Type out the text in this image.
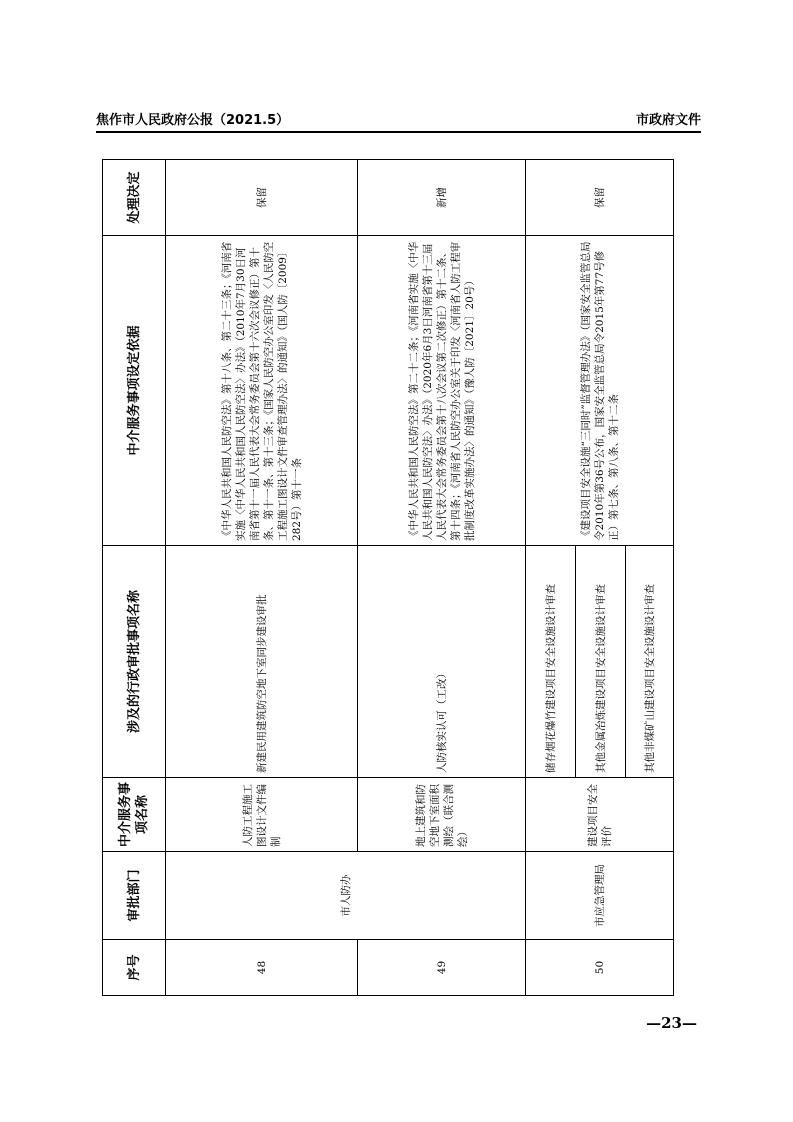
焦作市人民政府公报（2021.5）	市政府文件
序号	审批部门	中介服务事项名称	涉及的行政审批事项名称	中介服务事项设定依据	处理决定
48	市人防办	人防工程施工图设计文件编制	新建民用建筑防空地下室同步建设审批	《中华人民共和国人民防空法》第十八条、第二十三条；《河南省实施〈中华人民共和国人民防空法〉办法》（2010年7月30日河南省第十一届人民代表大会常务委员会第十六次会议修正）第十条、第十一条、第十三条；《国家人民防空办公室印发〈人民防空工程施工图设计文件审查管理办法〉的通知》（国人防〔2009〕282号）第十一条	保留
49		地上建筑和防空地下室面积测绘（联合测绘）	人防核实认可（工改）	《中华人民共和国人民防空法》第二十二条；《河南省实施〈中华人民共和国人民防空法〉办法》（2020年6月3日河南省第十三届人民代表大会常务委员会第十八次会议第二次修正）第十二条、第十四条；《河南省人民防空办公室关于印发〈河南省人防工程审批制度改革实施办法〉的通知》（豫人防〔2021〕20号）	新增
50	市应急管理局	建设项目安全评价	储存烟花爆竹建设项目安全设施设计审查	《建设项目安全设施“三同时”监督管理办法》（国家安全监管总局令2010年第36号公布，国家安全监管总局令2015年第77号修正）第七条、第八条、第十二条	保留
			其他金属冶炼建设项目安全设施设计审查		
			其他非煤矿山建设项目安全设施设计审查		
—23—
